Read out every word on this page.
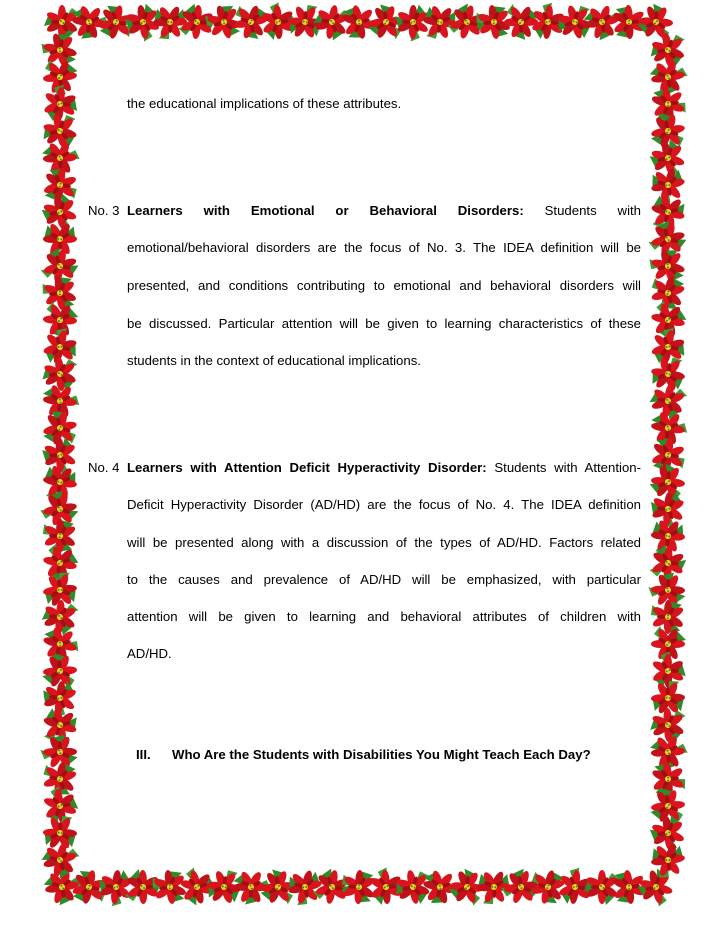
the educational implications of these attributes.
No. 3 Learners with Emotional or Behavioral Disorders: Students with
emotional/behavioral disorders are the focus of No. 3. The IDEA definition will be
presented, and conditions contributing to emotional and behavioral disorders will
be discussed. Particular attention will be given to learning characteristics of these
students in the context of educational implications.
No. 4 Learners with Attention Deficit Hyperactivity Disorder: Students with Attention-
Deficit Hyperactivity Disorder (AD/HD) are the focus of No. 4. The IDEA definition
will be presented along with a discussion of the types of AD/HD. Factors related
to the causes and prevalence of AD/HD will be emphasized, with particular
attention will be given to learning and behavioral attributes of children with
AD/HD.
III. Who Are the Students with Disabilities You Might Teach Each Day?
